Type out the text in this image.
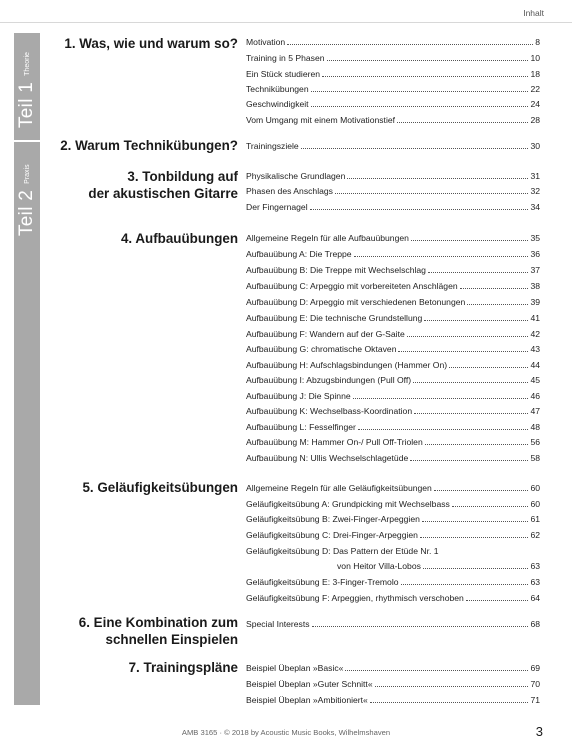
Inhalt
Teil 1Theorie
Teil 2Praxis
1. Was, wie und warum so?
2. Warum Technikübungen?
3. Tonbildung auf
der akustischen Gitarre
4. Aufbauübungen
5. Geläufigkeitsübungen
6. Eine Kombination zum
schnellen Einspielen
7. Trainingspläne
Motivation	8
Training in 5 Phasen	10
Ein Stück studieren	18
Technikübungen	22
Geschwindigkeit	24
Vom Umgang mit einem Motivationstief	28
Trainingsziele	30
Physikalische Grundlagen	31
Phasen des Anschlags	32
Der Fingernagel	34
Allgemeine Regeln für alle Aufbauübungen	35
Aufbauübung A: Die Treppe	36
Aufbauübung B: Die Treppe mit Wechselschlag	37
Aufbauübung C: Arpeggio mit vorbereiteten Anschlägen	38
Aufbauübung D: Arpeggio mit verschiedenen Betonungen	39
Aufbauübung E: Die technische Grundstellung	41
Aufbauübung F: Wandern auf der G-Saite	42
Aufbauübung G: chromatische Oktaven	43
Aufbauübung H: Aufschlagsbindungen (Hammer On)	44
Aufbauübung I: Abzugsbindungen (Pull Off)	45
Aufbauübung J: Die Spinne	46
Aufbauübung K: Wechselbass-Koordination	47
Aufbauübung L: Fesselfinger	48
Aufbauübung M: Hammer On-/ Pull Off-Triolen	56
Aufbauübung N: Ullis Wechselschlagetüde	58
Allgemeine Regeln für alle Geläufigkeitsübungen	60
Geläufigkeitsübung A: Grundpicking mit Wechselbass	60
Geläufigkeitsübung B: Zwei-Finger-Arpeggien	61
Geläufigkeitsübung C: Drei-Finger-Arpeggien	62
Geläufigkeitsübung D: Das Pattern der Etüde Nr. 1
von Heitor Villa-Lobos	63
Geläufigkeitsübung E: 3-Finger-Tremolo	63
Geläufigkeitsübung F: Arpeggien, rhythmisch verschoben	64
Special Interests	68
Beispiel Übeplan »Basic«	69
Beispiel Übeplan »Guter Schnitt«	70
Beispiel Übeplan »Ambitioniert«	71
AMB 3165 · © 2018 by Acoustic Music Books, Wilhelmshaven	3
